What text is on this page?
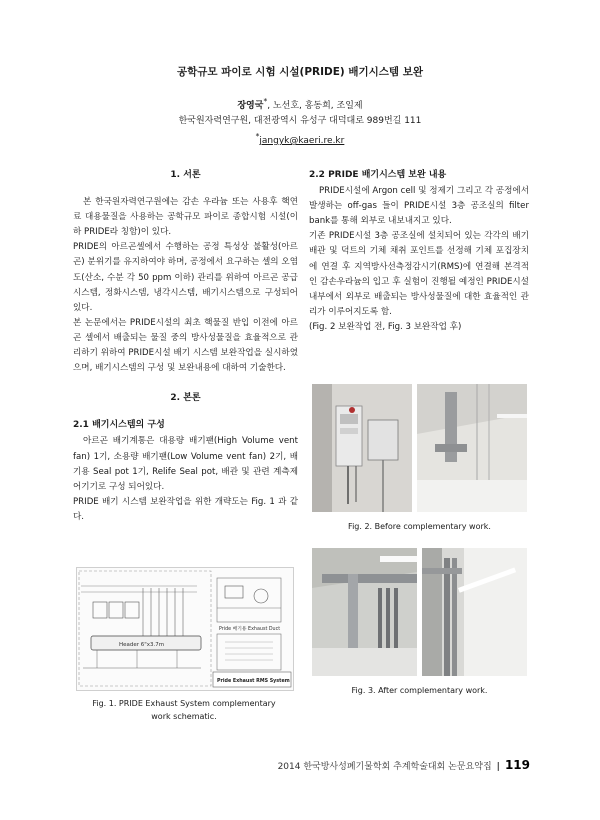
공학규모 파이로 시험 시설(PRIDE) 배기시스템 보완
장영국*, 노선호, 홍동희, 조일제
한국원자력연구원, 대전광역시 유성구 대덕대로 989번길 111
*jangyk@kaeri.re.kr
1. 서론

본 한국원자력연구원에는 감손 우라늄 또는 사용후 핵연료 대용물질을 사용하는 공학규모 파이로 종합시험 시설(이하 PRIDE라 칭함)이 있다.

PRIDE의 아르곤셀에서 수행하는 공정 특성상 불활성(아르곤) 분위기를 유지하여야 하며, 공정에서 요구하는 셀의 오염도(산소, 수분 각 50 ppm 이하) 관리를 위하여 아르곤 공급 시스템, 정화시스템, 냉각시스템, 배기시스템으로 구성되어 있다.

본 논문에서는 PRIDE시설의 최초 핵물질 반입 이전에 아르곤 셀에서 배출되는 물질 중의 방사성물질을 효율적으로 관리하기 위하여 PRIDE시설 배기 시스템 보완작업을 실시하였으며, 배기시스템의 구성 및 보완내용에 대하여 기술한다.

2. 본론
2.1 배기시스템의 구성

아르곤 배기계통은 대용량 배기팬(High Volume vent fan) 1기, 소용량 배기팬(Low Volume vent fan) 2기, 배기용 Seal pot 1기, Relife Seal pot, 배관 및 관련 계측제어기기로 구성 되어있다.

PRIDE 배기 시스템 보완작업을 위한 개략도는 Fig. 1 과 같다.

2.2 PRIDE 배기시스템 보완 내용

PRIDE시설에 Argon cell 및 정제기 그리고 각 공정에서 발생하는 off-gas 들이 PRIDE시설 3층 공조실의 filter bank를 통해 외부로 내보내지고 있다.

기존 PRIDE시설 3층 공조실에 설치되어 있는 각각의 배기 배관 및 덕트의 기체 채취 포인트를 선정해 기체 포집장치에 연결 후 지역방사선측정감시기(RMS)에 연결해 본격적인 감손우라늄의 입고 후 실험이 진행될 예정인 PRIDE시설 내부에서 외부로 배출되는 방사성물질에 대한 효율적인 관리가 이루어지도록 함.

(Fig. 2 보완작업 전, Fig. 3 보완작업 후)

Header 6"x3.7m
Pride 배기용 Exhaust Duct
Pride Exhaust RMS System
Fig. 1. PRIDE Exhaust System complementary
work schematic.
Fig. 2. Before complementary work.
Fig. 3. After complementary work.
2014 한국방사성폐기물학회 추계학술대회 논문요약집 | 119
